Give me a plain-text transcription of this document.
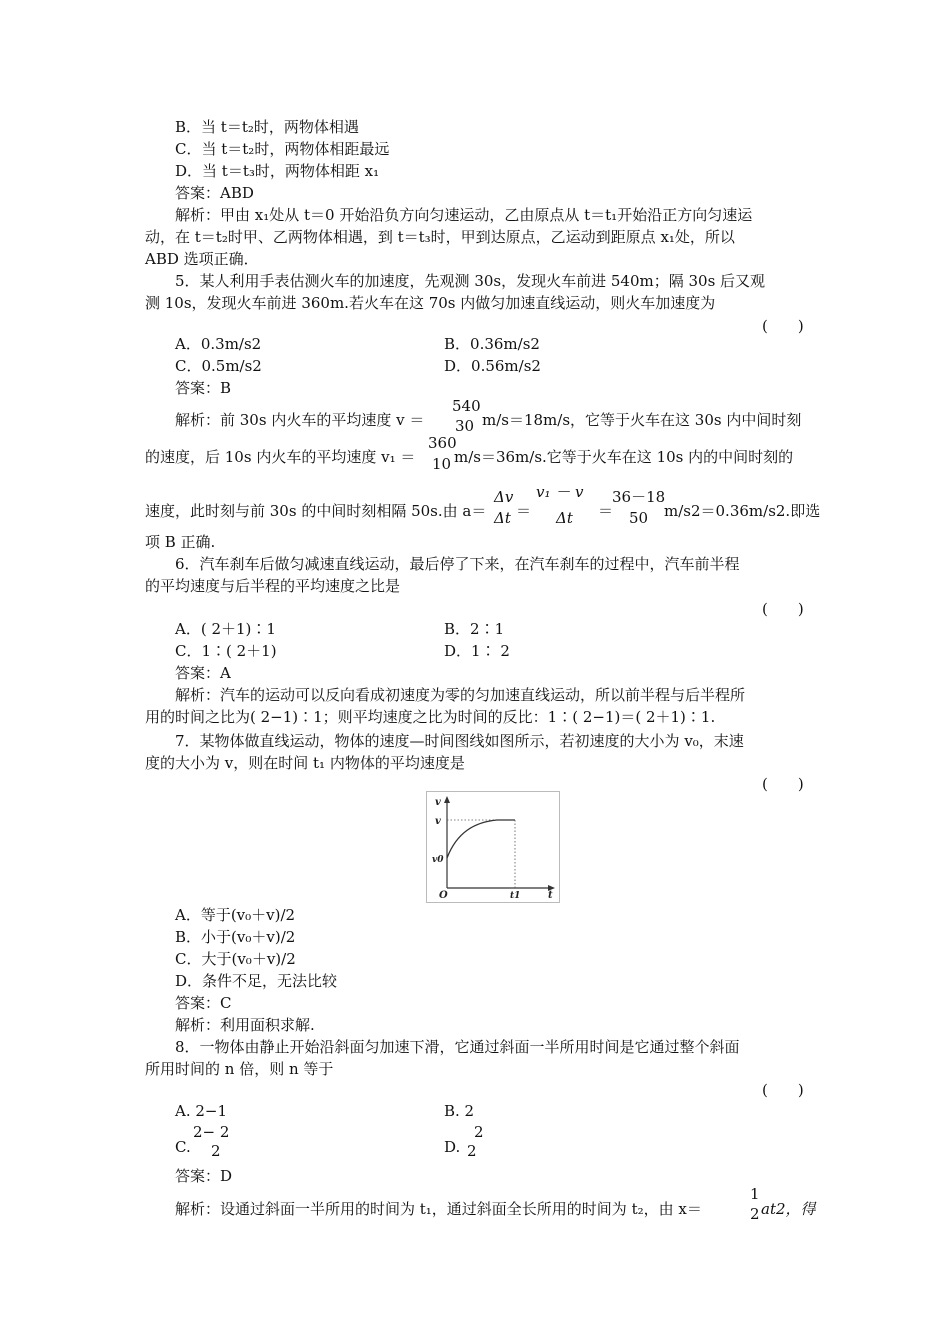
B．当 t＝t₂时，两物体相遇
C．当 t＝t₂时，两物体相距最远
D．当 t＝t₃时，两物体相距 x₁
答案：ABD
解析：甲由 x₁处从 t＝0 开始沿负方向匀速运动，乙由原点从 t＝t₁开始沿正方向匀速运
动，在 t＝t₂时甲、乙两物体相遇，到 t＝t₃时，甲到达原点，乙运动到距原点 x₁处，所以
ABD 选项正确．
5．某人利用手表估测火车的加速度，先观测 30s，发现火车前进 540m；隔 30s 后又观
测 10s，发现火车前进 360m.若火车在这 70s 内做匀加速直线运动，则火车加速度为
(　　)
A．0.3m/s2	B．0.36m/s2
C．0.5m/s2	D．0.56m/s2
答案：B
解析：前 30s 内火车的平均速度 v ＝
540
30 m/s＝18m/s，它等于火车在这 30s 内中间时刻
的速度，后 10s 内火车的平均速度 v₁ ＝
360
10 m/s＝36m/s.它等于火车在这 10s 内的中间时刻的
速度，此时刻与前 30s 的中间时刻相隔 50s.由 a＝
Δv
Δt ＝
v₁ － v
Δt ＝
36－18
50 m/s2＝0.36m/s2.即选
项 B 正确.
6．汽车刹车后做匀减速直线运动，最后停了下来，在汽车刹车的过程中，汽车前半程
的平均速度与后半程的平均速度之比是
(　　)
A．( 2＋1)∶1	B．2∶1
C．1∶( 2＋1)	D．1∶ 2
答案：A
解析：汽车的运动可以反向看成初速度为零的匀加速直线运动，所以前半程与后半程所
用的时间之比为( 2−1)∶1；则平均速度之比为时间的反比：1∶( 2−1)＝( 2＋1)∶1.
7．某物体做直线运动，物体的速度—时间图线如图所示，若初速度的大小为 v₀，末速
度的大小为 v，则在时间 t₁ 内物体的平均速度是
(　　)
v
v
v0
O	t1	t
A．等于(v₀＋v)/2
B．小于(v₀＋v)/2
C．大于(v₀＋v)/2
D．条件不足，无法比较
答案：C
解析：利用面积求解.
8．一物体由静止开始沿斜面匀加速下滑，它通过斜面一半所用时间是它通过整个斜面
所用时间的 n 倍，则 n 等于
(　　)
A. 2−1	B. 2
C.
2− 2
2	D.
2
2
答案：D
解析：设通过斜面一半所用的时间为 t₁，通过斜面全长所用的时间为 t₂，由 x＝
1
2 at2，得
